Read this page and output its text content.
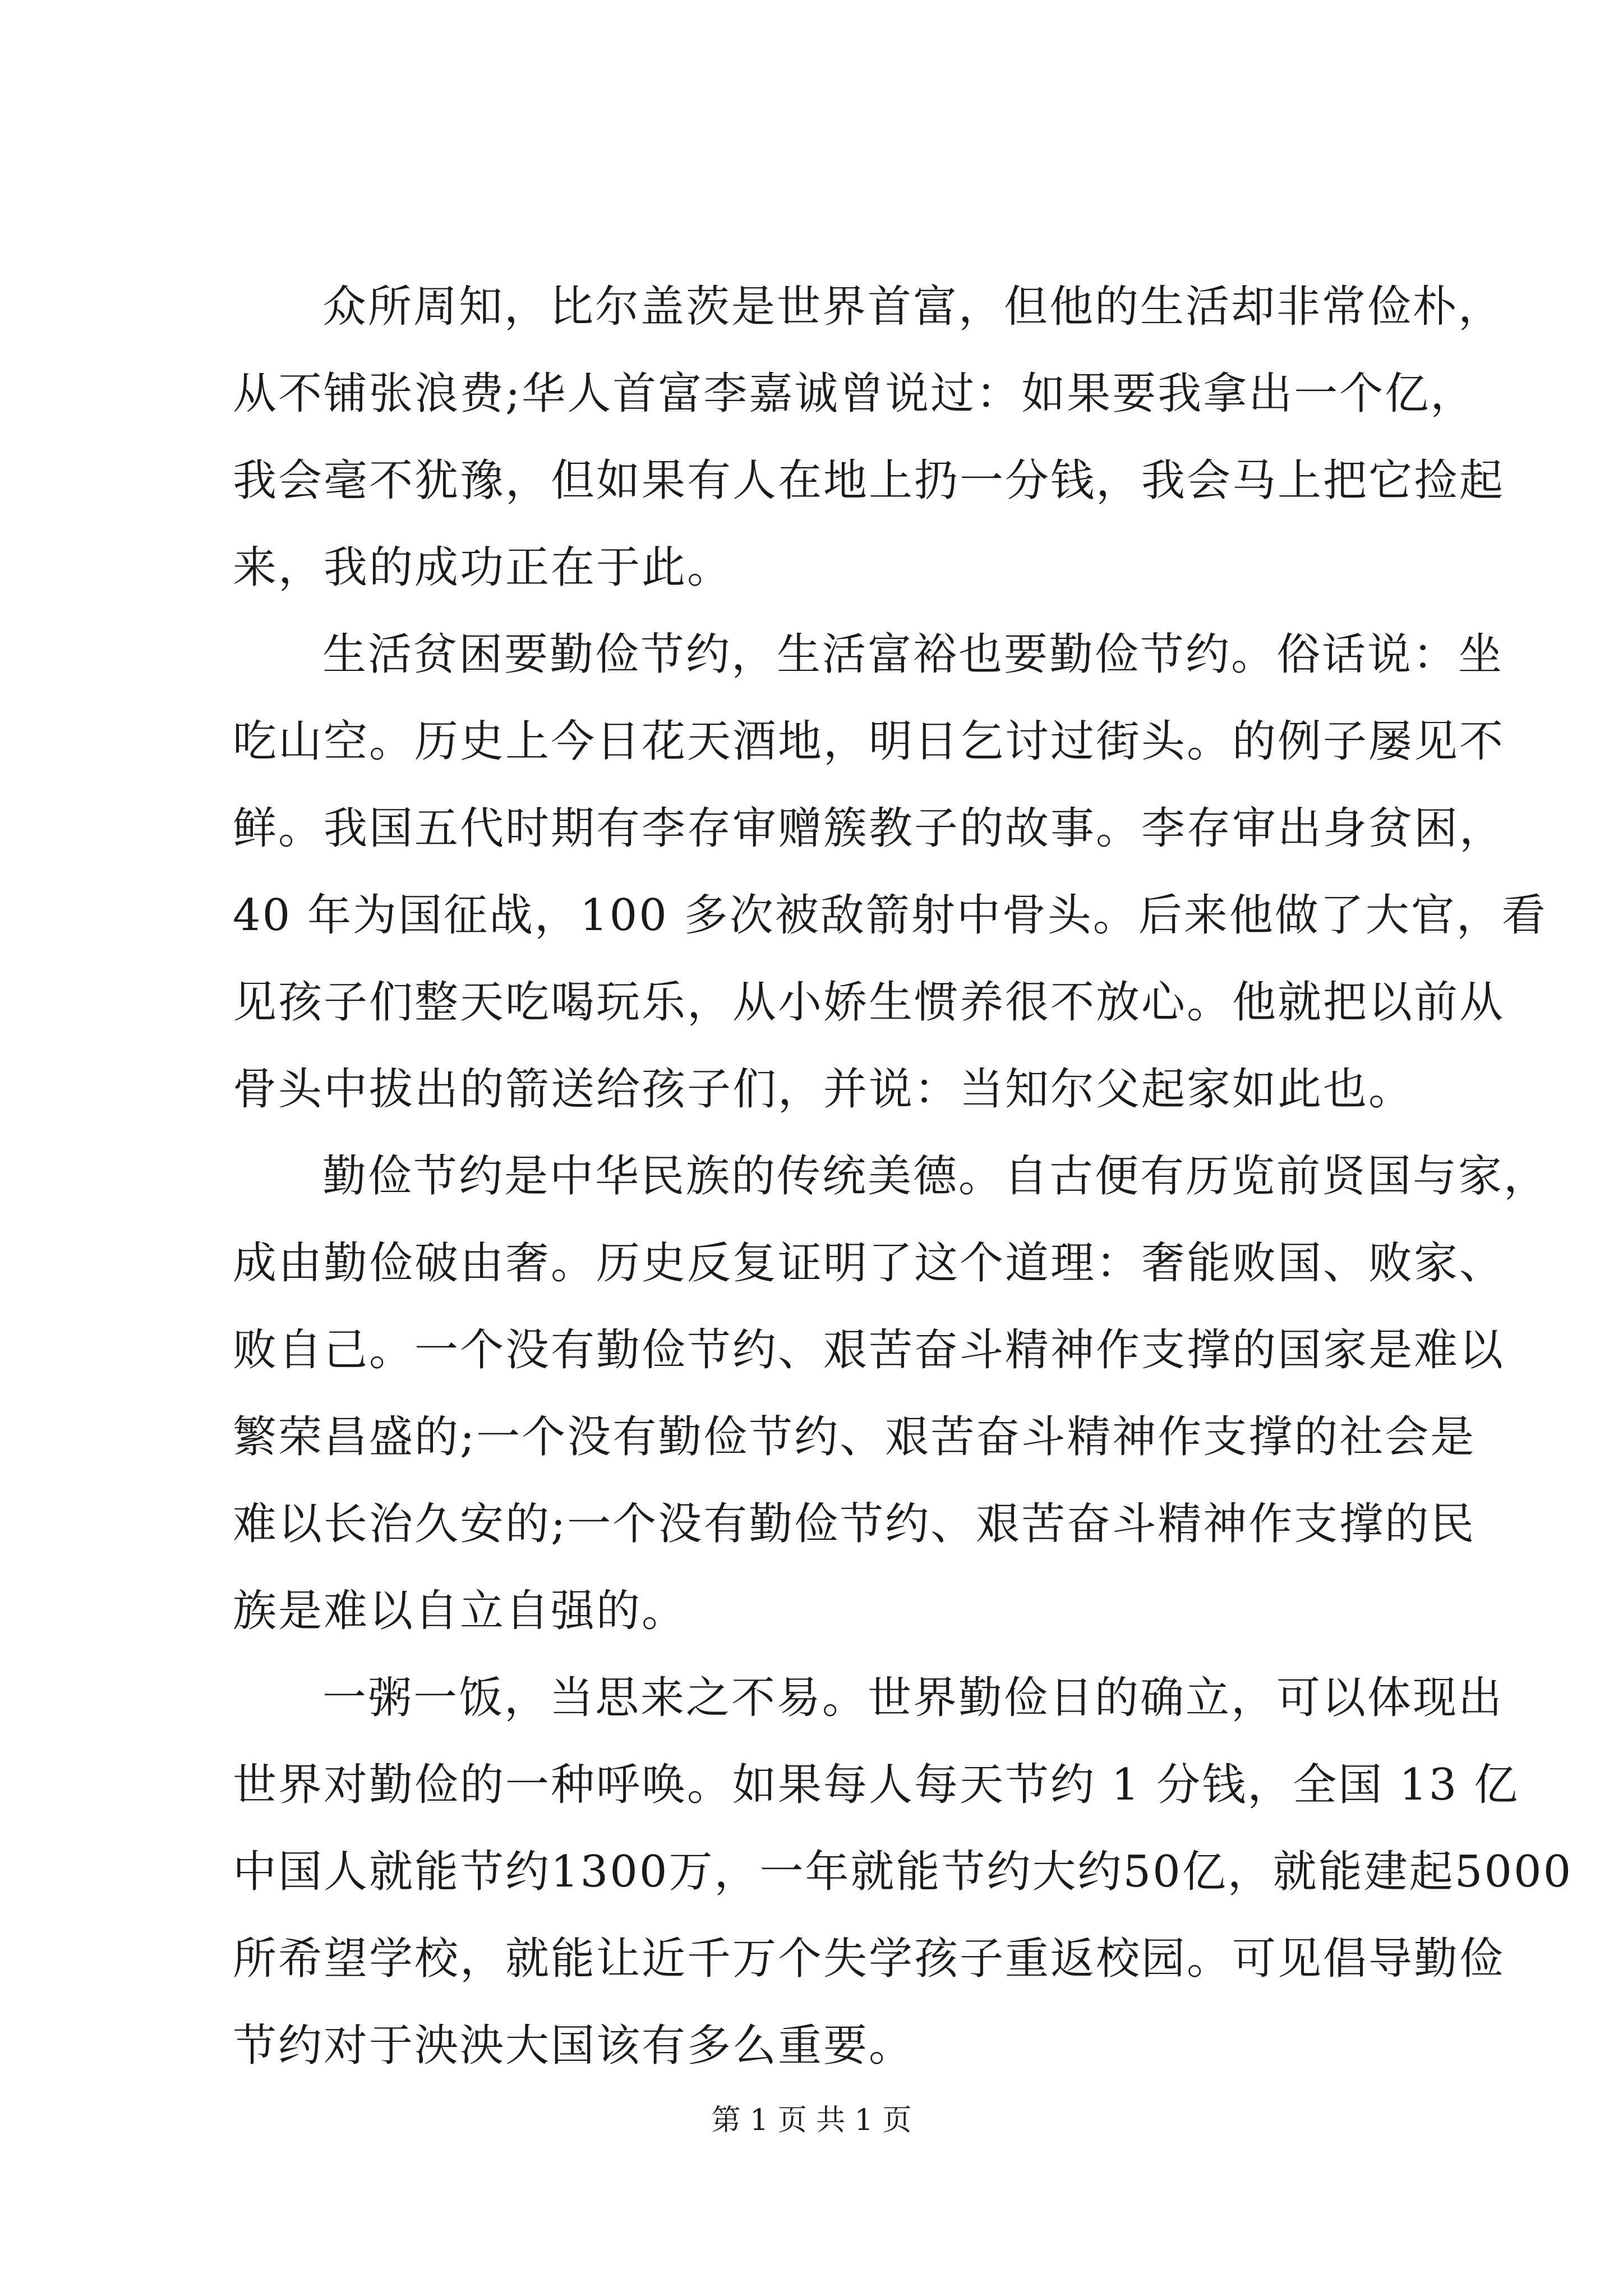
众所周知，比尔盖茨是世界首富，但他的生活却非常俭朴，
从不铺张浪费;华人首富李嘉诚曾说过：如果要我拿出一个亿，
我会毫不犹豫，但如果有人在地上扔一分钱，我会马上把它捡起
来，我的成功正在于此。
生活贫困要勤俭节约，生活富裕也要勤俭节约。俗话说：坐
吃山空。历史上今日花天酒地，明日乞讨过街头。的例子屡见不
鲜。我国五代时期有李存审赠簇教子的故事。李存审出身贫困，
40 年为国征战，100 多次被敌箭射中骨头。后来他做了大官，看
见孩子们整天吃喝玩乐，从小娇生惯养很不放心。他就把以前从
骨头中拔出的箭送给孩子们，并说：当知尔父起家如此也。
勤俭节约是中华民族的传统美德。自古便有历览前贤国与家，
成由勤俭破由奢。历史反复证明了这个道理：奢能败国、败家、
败自己。一个没有勤俭节约、艰苦奋斗精神作支撑的国家是难以
繁荣昌盛的;一个没有勤俭节约、艰苦奋斗精神作支撑的社会是
难以长治久安的;一个没有勤俭节约、艰苦奋斗精神作支撑的民
族是难以自立自强的。
一粥一饭，当思来之不易。世界勤俭日的确立，可以体现出
世界对勤俭的一种呼唤。如果每人每天节约 1 分钱，全国 13 亿
中国人就能节约1300万，一年就能节约大约50亿，就能建起5000
所希望学校，就能让近千万个失学孩子重返校园。可见倡导勤俭
节约对于泱泱大国该有多么重要。
第 1 页 共 1 页
